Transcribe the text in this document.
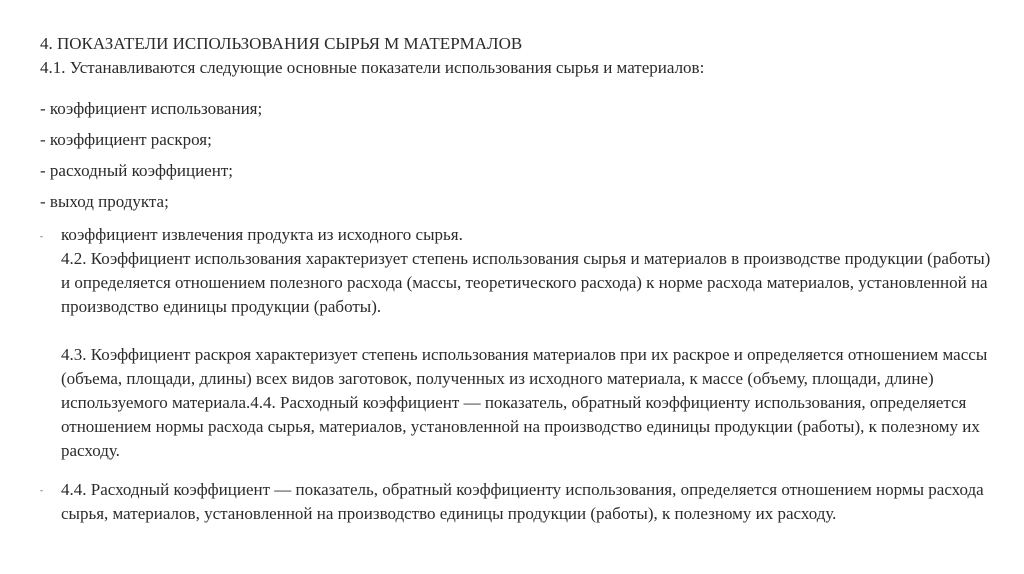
4. ПОКАЗАТЕЛИ ИСПОЛЬЗОВАНИЯ СЫРЬЯ М МАТЕРМАЛОВ
4.1. Устанавливаются следующие основные показатели использования сырья и материалов:
- коэффициент использования;
- коэффициент раскроя;
- расходный коэффициент;
- выход продукта;
- коэффициент извлечения продукта из исходного сырья.

4.2. Коэффициент использования характеризует степень использования сырья и материалов в производстве продукции (работы) и определяется отношением полезного расхода (массы, теоретического расхода) к норме расхода материалов, установленной на производство единицы продукции (работы).

4.3. Коэффициент раскроя характеризует степень использования материалов при их раскрое и определяется отношением массы (объема, площади, длины) всех видов заготовок, полученных из исходного материала, к массе (объему, площади, длине) используемого материала.4.4. Расходный коэффициент — показатель, обратный коэффициенту использования, определяется отношением нормы расхода сырья, материалов, установленной на производство единицы продукции (работы), к полезному их расходу.

- 4.4. Расходный коэффициент — показатель, обратный коэффициенту использования, определяется отношением нормы расхода сырья, материалов, установленной на производство единицы продукции (работы), к полезному их расходу.
